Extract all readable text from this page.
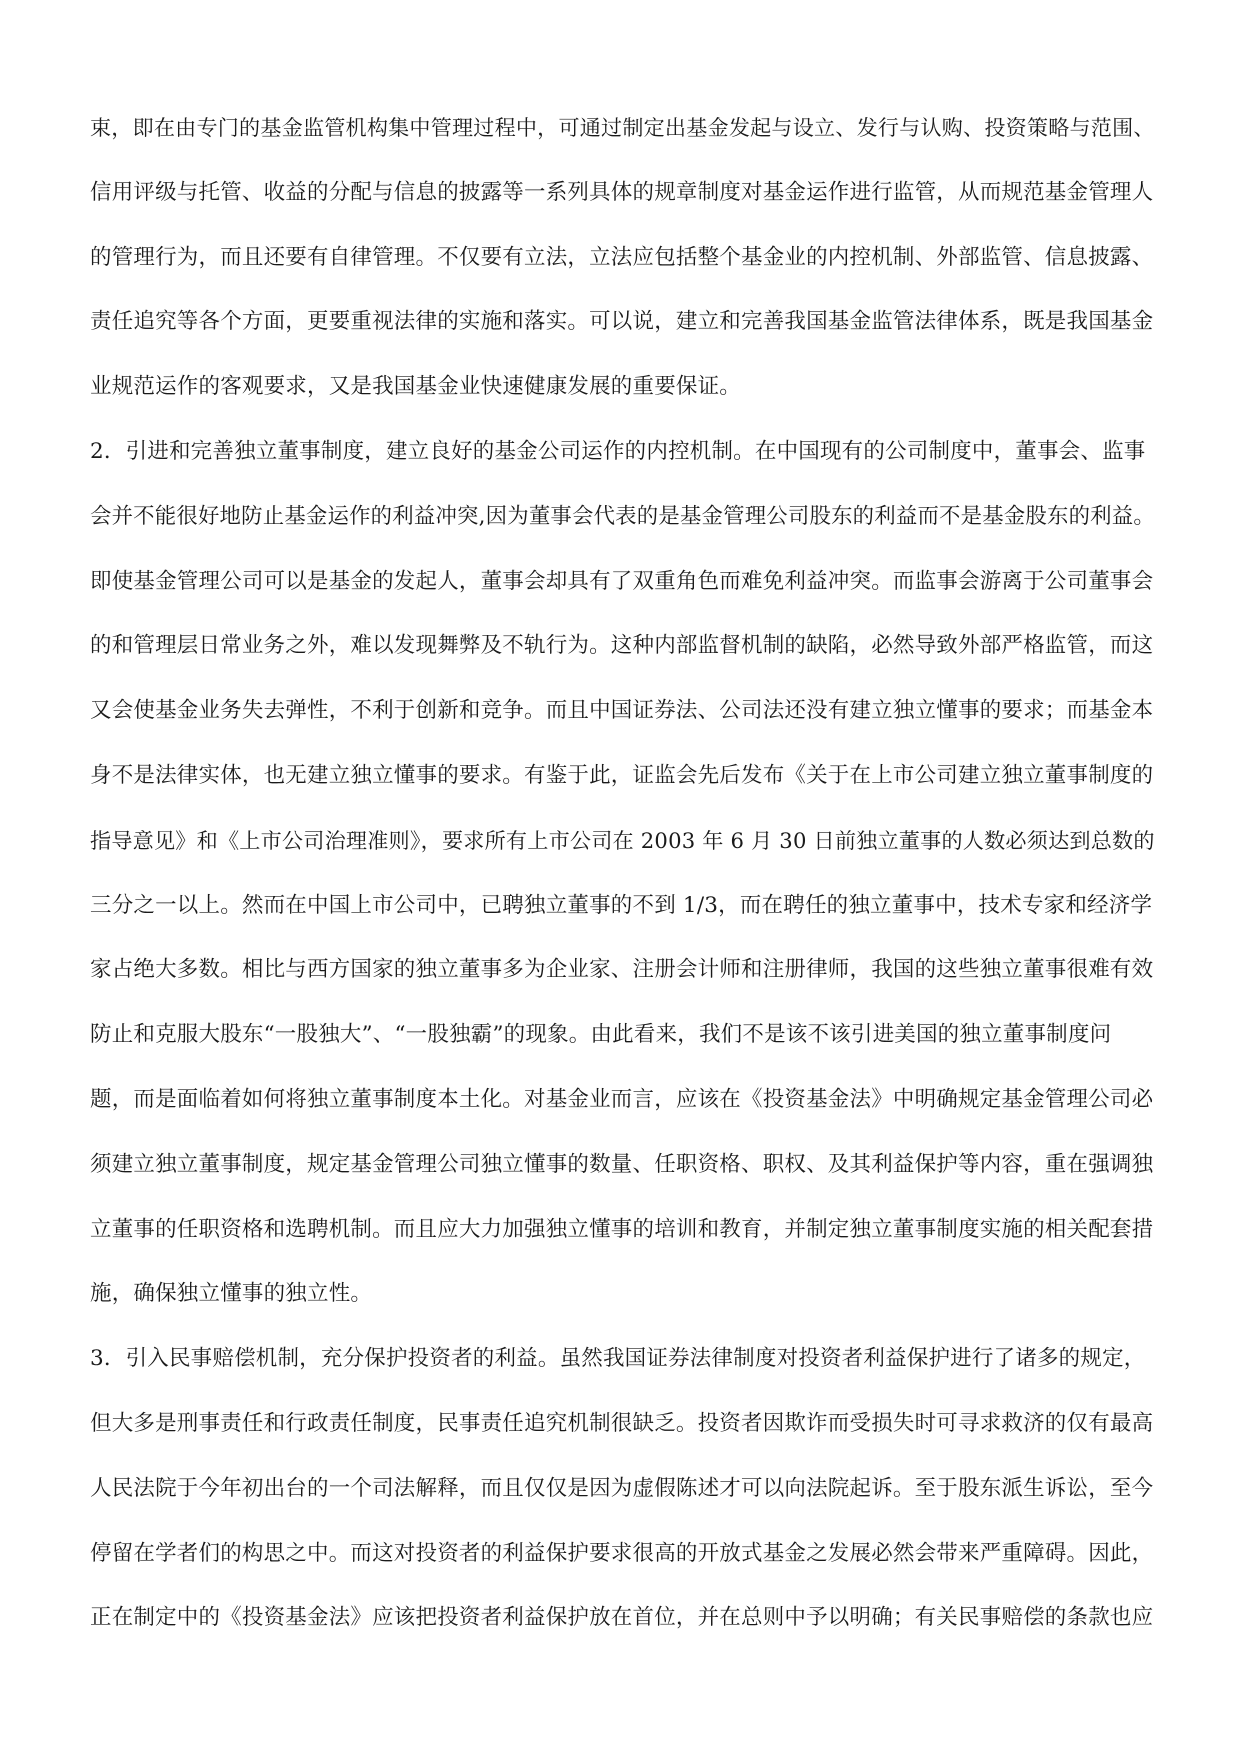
束，即在由专门的基金监管机构集中管理过程中，可通过制定出基金发起与设立、发行与认购、投资策略与范围、
信用评级与托管、收益的分配与信息的披露等一系列具体的规章制度对基金运作进行监管，从而规范基金管理人
的管理行为，而且还要有自律管理。不仅要有立法，立法应包括整个基金业的内控机制、外部监管、信息披露、
责任追究等各个方面，更要重视法律的实施和落实。可以说，建立和完善我国基金监管法律体系，既是我国基金
业规范运作的客观要求，又是我国基金业快速健康发展的重要保证。
2．引进和完善独立董事制度，建立良好的基金公司运作的内控机制。在中国现有的公司制度中，董事会、监事
会并不能很好地防止基金运作的利益冲突,因为董事会代表的是基金管理公司股东的利益而不是基金股东的利益。
即使基金管理公司可以是基金的发起人，董事会却具有了双重角色而难免利益冲突。而监事会游离于公司董事会
的和管理层日常业务之外，难以发现舞弊及不轨行为。这种内部监督机制的缺陷，必然导致外部严格监管，而这
又会使基金业务失去弹性，不利于创新和竞争。而且中国证券法、公司法还没有建立独立懂事的要求；而基金本
身不是法律实体，也无建立独立懂事的要求。有鉴于此，证监会先后发布《关于在上市公司建立独立董事制度的
指导意见》和《上市公司治理准则》，要求所有上市公司在 2003 年 6 月 30 日前独立董事的人数必须达到总数的
三分之一以上。然而在中国上市公司中，已聘独立董事的不到 1/3，而在聘任的独立董事中，技术专家和经济学
家占绝大多数。相比与西方国家的独立董事多为企业家、注册会计师和注册律师，我国的这些独立董事很难有效
防止和克服大股东“一股独大”、“一股独霸”的现象。由此看来，我们不是该不该引进美国的独立董事制度问
题，而是面临着如何将独立董事制度本土化。对基金业而言，应该在《投资基金法》中明确规定基金管理公司必
须建立独立董事制度，规定基金管理公司独立懂事的数量、任职资格、职权、及其利益保护等内容，重在强调独
立董事的任职资格和选聘机制。而且应大力加强独立懂事的培训和教育，并制定独立董事制度实施的相关配套措
施，确保独立懂事的独立性。
3．引入民事赔偿机制，充分保护投资者的利益。虽然我国证券法律制度对投资者利益保护进行了诸多的规定，
但大多是刑事责任和行政责任制度，民事责任追究机制很缺乏。投资者因欺诈而受损失时可寻求救济的仅有最高
人民法院于今年初出台的一个司法解释，而且仅仅是因为虚假陈述才可以向法院起诉。至于股东派生诉讼，至今
停留在学者们的构思之中。而这对投资者的利益保护要求很高的开放式基金之发展必然会带来严重障碍。因此，
正在制定中的《投资基金法》应该把投资者利益保护放在首位，并在总则中予以明确；有关民事赔偿的条款也应
